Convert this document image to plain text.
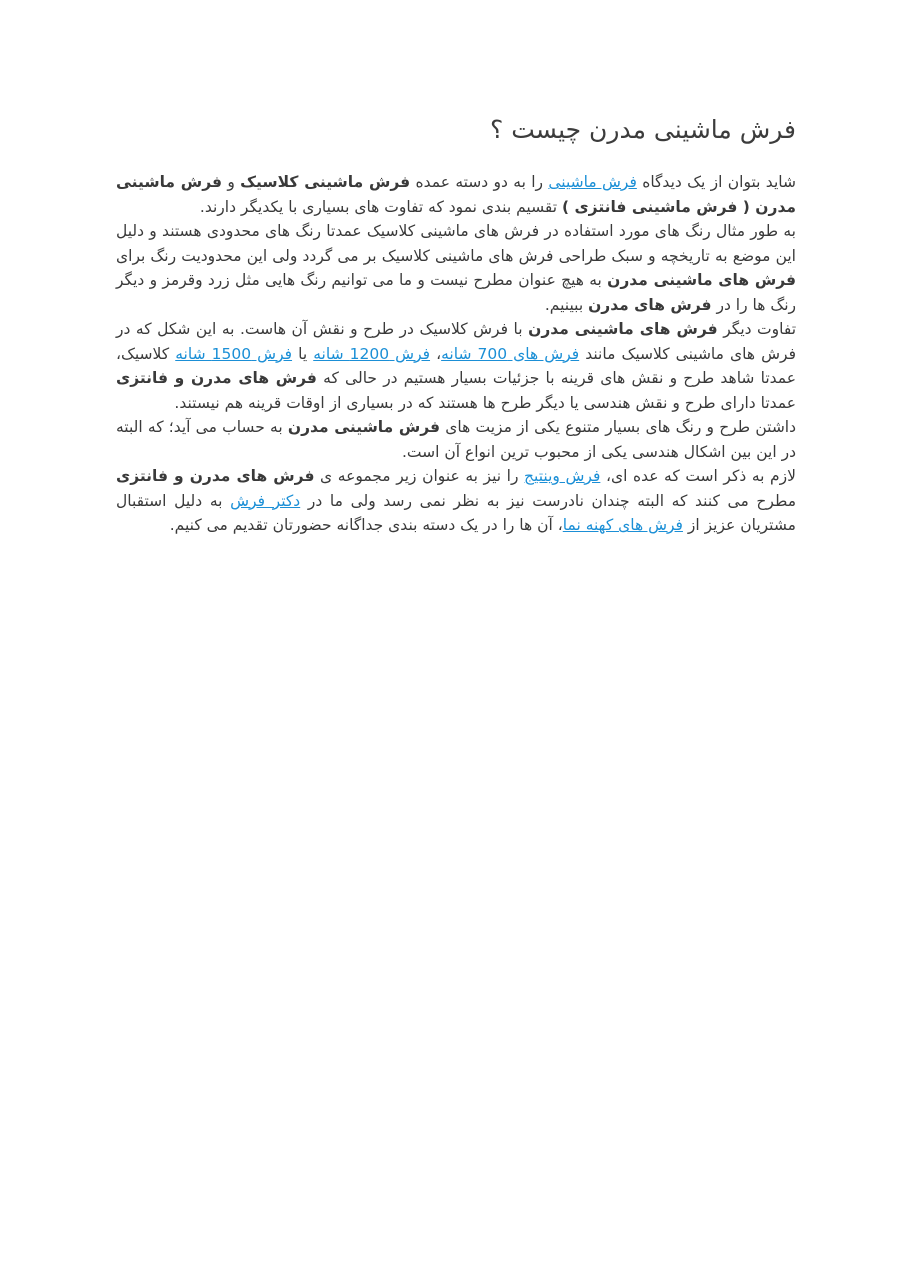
فرش ماشینی مدرن چیست ؟

شاید بتوان از یک دیدگاه فرش ماشینی را به دو دسته عمده فرش ماشینی کلاسیک و فرش ماشینی مدرن ( فرش ماشینی فانتزی ) تقسیم بندی نمود که تفاوت های بسیاری با یکدیگر دارند.

به طور مثال رنگ های مورد استفاده در فرش های ماشینی کلاسیک عمدتا رنگ های محدودی هستند و دلیل این موضع به تاریخچه و سبک طراحی فرش های ماشینی کلاسیک بر می گردد ولی این محدودیت رنگ برای فرش های ماشینی مدرن به هیچ عنوان مطرح نیست و ما می توانیم رنگ هایی مثل زرد وقرمز و دیگر رنگ ها را در فرش های مدرن ببینیم.

تفاوت دیگر فرش های ماشینی مدرن با فرش کلاسیک در طرح و نقش آن هاست. به این شکل که در فرش های ماشینی کلاسیک مانند فرش های 700 شانه، فرش 1200 شانه یا فرش 1500 شانه کلاسیک، عمدتا شاهد طرح و نقش های قرینه با جزئیات بسیار هستیم در حالی که فرش های مدرن و فانتزی عمدتا دارای طرح و نقش هندسی یا دیگر طرح ها هستند که در بسیاری از اوقات قرینه هم نیستند.

داشتن طرح و رنگ های بسیار متنوع یکی از مزیت های فرش ماشینی مدرن به حساب می آید؛ که البته در این بین اشکال هندسی یکی از محبوب ترین انواع آن است.

لازم به ذکر است که عده ای، فرش وینتیج را نیز به عنوان زیر مجموعه ی فرش های مدرن و فانتزی مطرح می کنند که البته چندان نادرست نیز به نظر نمی رسد ولی ما در دکتر فرش به دلیل استقبال مشتریان عزیز از فرش های کهنه نما، آن ها را در یک دسته بندی جداگانه حضورتان تقدیم می کنیم.
